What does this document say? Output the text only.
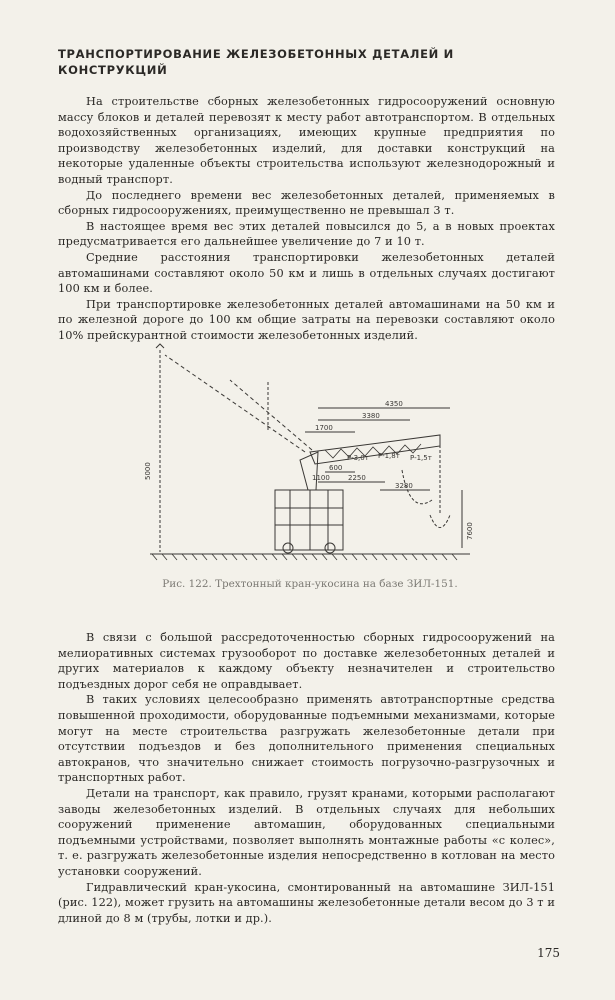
ТРАНСПОРТИРОВАНИЕ ЖЕЛЕЗОБЕТОННЫХ ДЕТАЛЕЙ И КОНСТРУКЦИЙ

На строительстве сборных железобетонных гидросооружений основную массу блоков и деталей перевозят к месту работ автотранспортом. В отдельных водохозяйственных организациях, имеющих крупные предприятия по производству железобетонных изделий, для доставки конструкций на некоторые удаленные объекты строительства используют железнодорожный и водный транспорт.

До последнего времени вес железобетонных деталей, применяемых в сборных гидросооружениях, преимущественно не превышал 3 т.

В настоящее время вес этих деталей повысился до 5, а в новых проектах предусматривается его дальнейшее увеличение до 7 и 10 т.

Средние расстояния транспортировки железобетонных деталей автомашинами составляют около 50 км и лишь в отдельных случаях достигают 100 км и более.

При транспортировке железобетонных деталей автомашинами на 50 км и по железной дороге до 100 км общие затраты на перевозки составляют около 10% прейскурантной стоимости железобетонных изделий.

4350
3380
1700
600
1100	2250
3280
P-3,0т P-1,8т P-1,5т
5000
7600

Рис. 122. Трехтонный кран-укосина на базе ЗИЛ-151.

В связи с большой рассредоточенностью сборных гидросооружений на мелиоративных системах грузооборот по доставке железобетонных деталей и других материалов к каждому объекту незначителен и строительство подъездных дорог себя не оправдывает.

В таких условиях целесообразно применять автотранспортные средства повышенной проходимости, оборудованные подъемными механизмами, которые могут на месте строительства разгружать железобетонные детали при отсутствии подъездов и без дополнительного применения специальных автокранов, что значительно снижает стоимость погрузочно-разгрузочных и транспортных работ.

Детали на транспорт, как правило, грузят кранами, которыми располагают заводы железобетонных изделий. В отдельных случаях для небольших сооружений применение автомашин, оборудованных специальными подъемными устройствами, позволяет выполнять монтажные работы «с колес», т. е. разгружать железобетонные изделия непосредственно в котлован на место установки сооружений.

Гидравлический кран-укосина, смонтированный на автомашине ЗИЛ-151 (рис. 122), может грузить на автомашины железобетонные детали весом до 3 т и длиной до 8 м (трубы, лотки и др.).

175
